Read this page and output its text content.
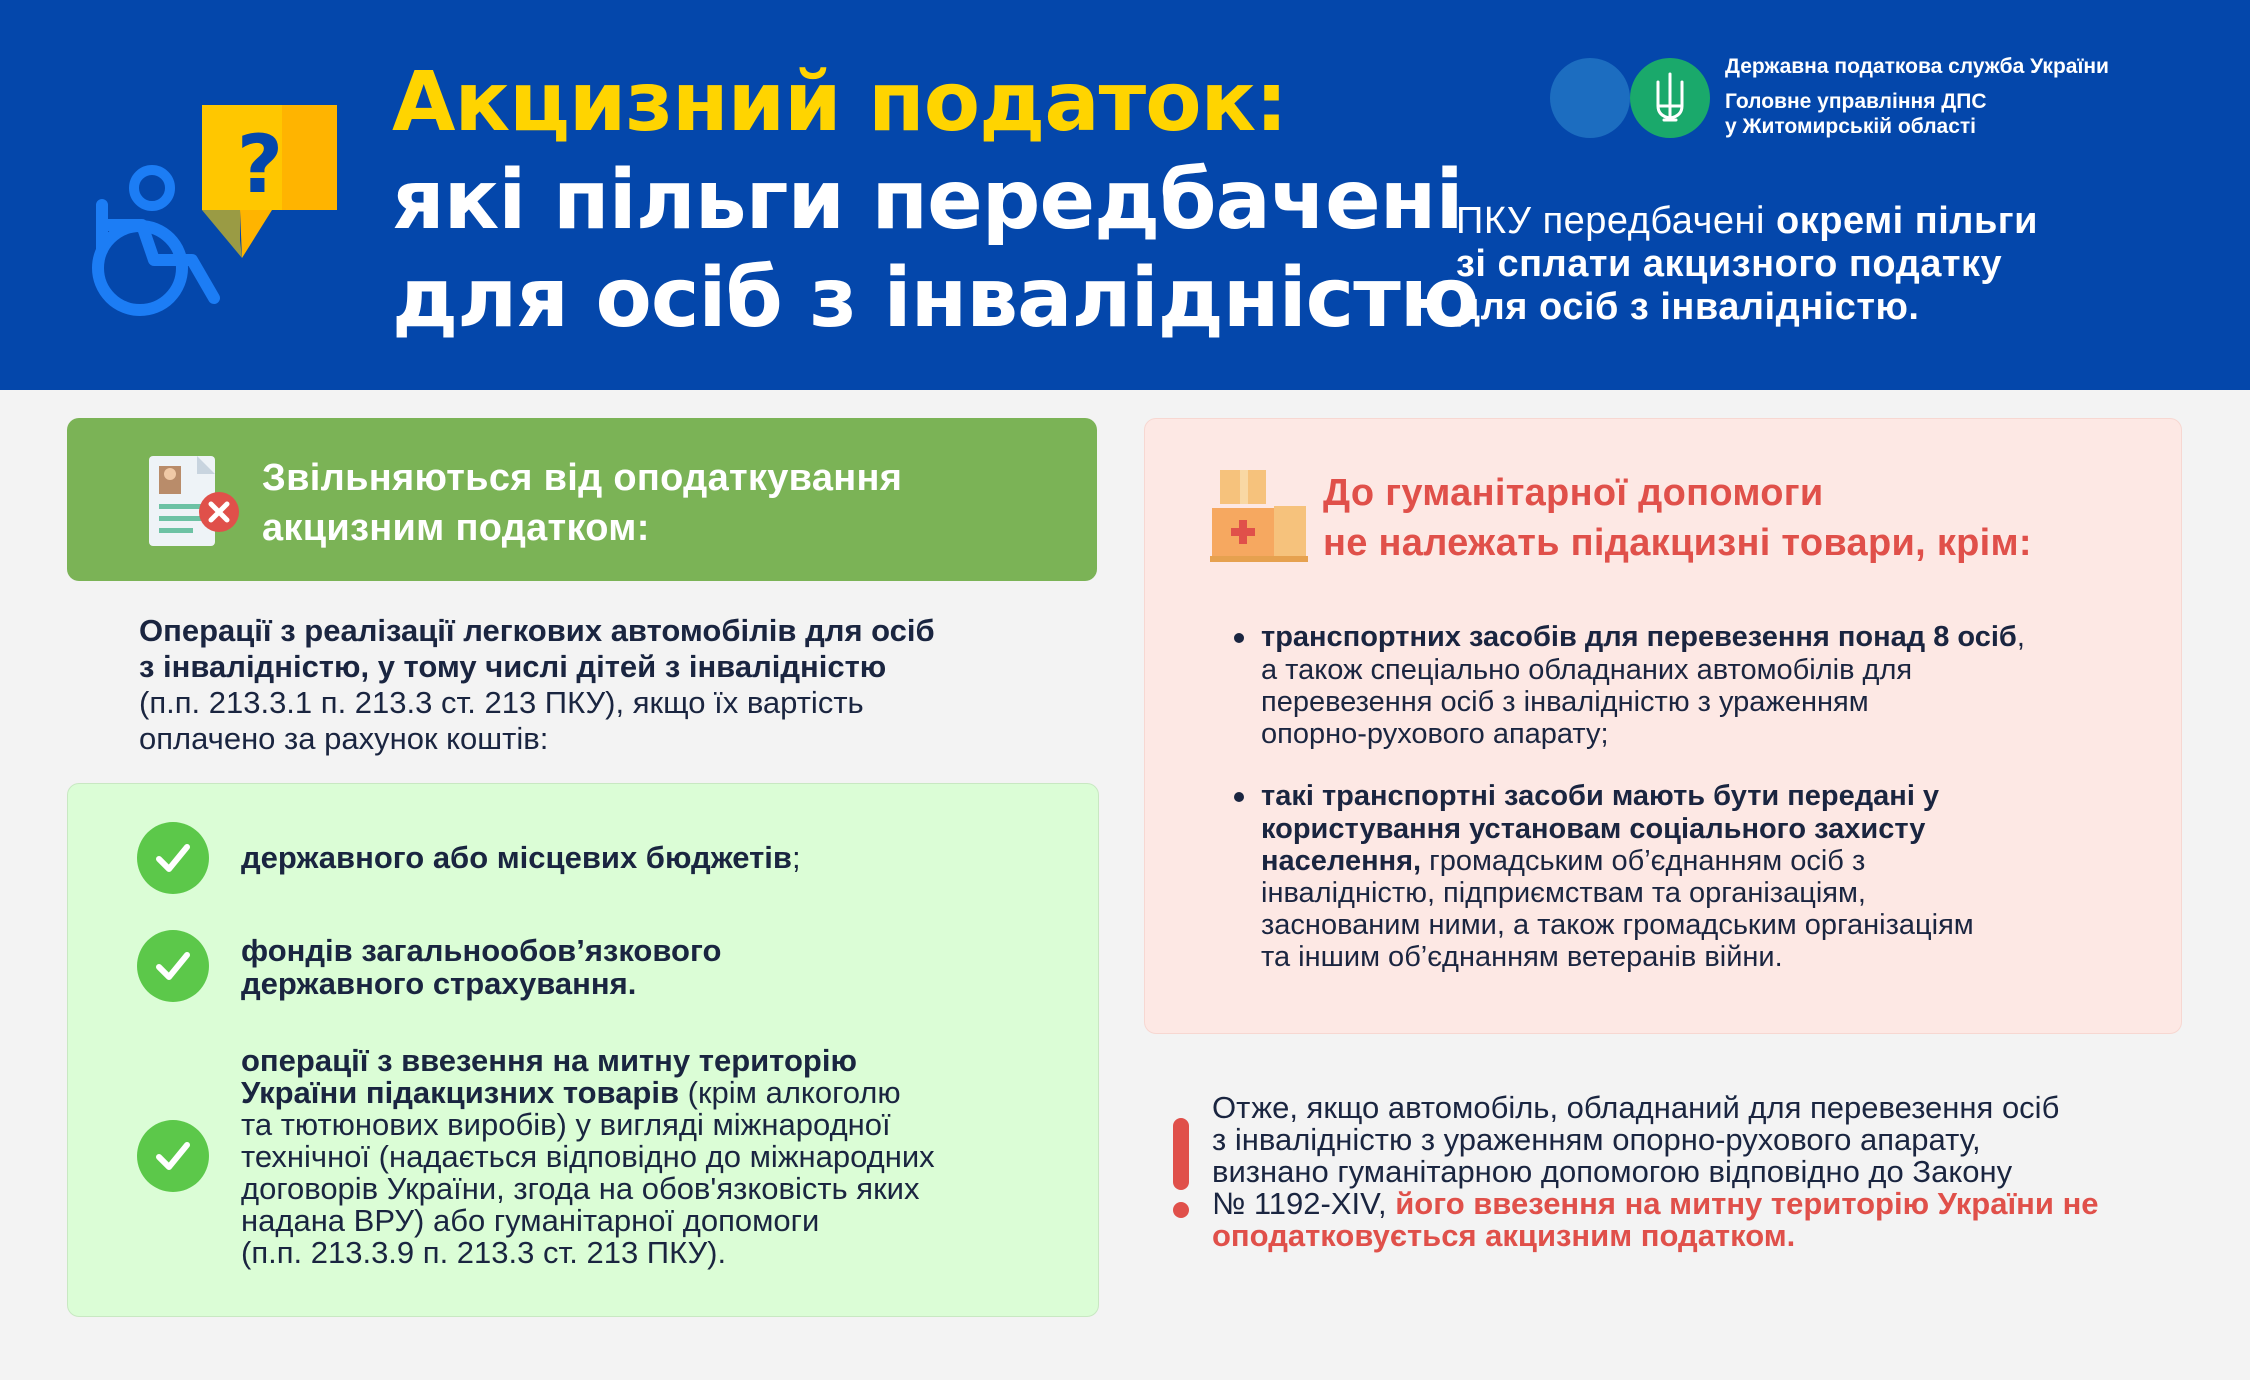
?
Акцизний податок:
які пільги передбачені
для осіб з інвалідністю
Державна податкова служба України
Головне управління ДПС
у Житомирській області
ПКУ передбачені окремі пільги
зі сплати акцизного податку
для осіб з інвалідністю.
Звільняються від оподаткування
акцизним податком:
Операції з реалізації легкових автомобілів для осіб
з інвалідністю, у тому числі дітей з інвалідністю
(п.п. 213.3.1 п. 213.3 ст. 213 ПКУ), якщо їх вартість
оплачено за рахунок коштів:
державного або місцевих бюджетів;
фондів загальнообов’язкового
державного страхування.
операції з ввезення на митну територію
України підакцизних товарів (крім алкоголю
та тютюнових виробів) у вигляді міжнародної
технічної (надається відповідно до міжнародних
договорів України, згода на обов'язковість яких
надана ВРУ) або гуманітарної допомоги
(п.п. 213.3.9 п. 213.3 ст. 213 ПКУ).
До гуманітарної допомоги
не належать підакцизні товари, крім:
транспортних засобів для перевезення понад 8 осіб,
а також спеціально обладнаних автомобілів для
перевезення осіб з інвалідністю з ураженням
опорно-рухового апарату;
такі транспортні засоби мають бути передані у
користування установам соціального захисту
населення, громадським об’єднанням осіб з
інвалідністю, підприємствам та організаціям,
заснованим ними, а також громадським організаціям
та іншим об’єднанням ветеранів війни.
Отже, якщо автомобіль, обладнаний для перевезення осіб
з інвалідністю з ураженням опорно-рухового апарату,
визнано гуманітарною допомогою відповідно до Закону
№ 1192-XIV, його ввезення на митну територію України не
оподатковується акцизним податком.
